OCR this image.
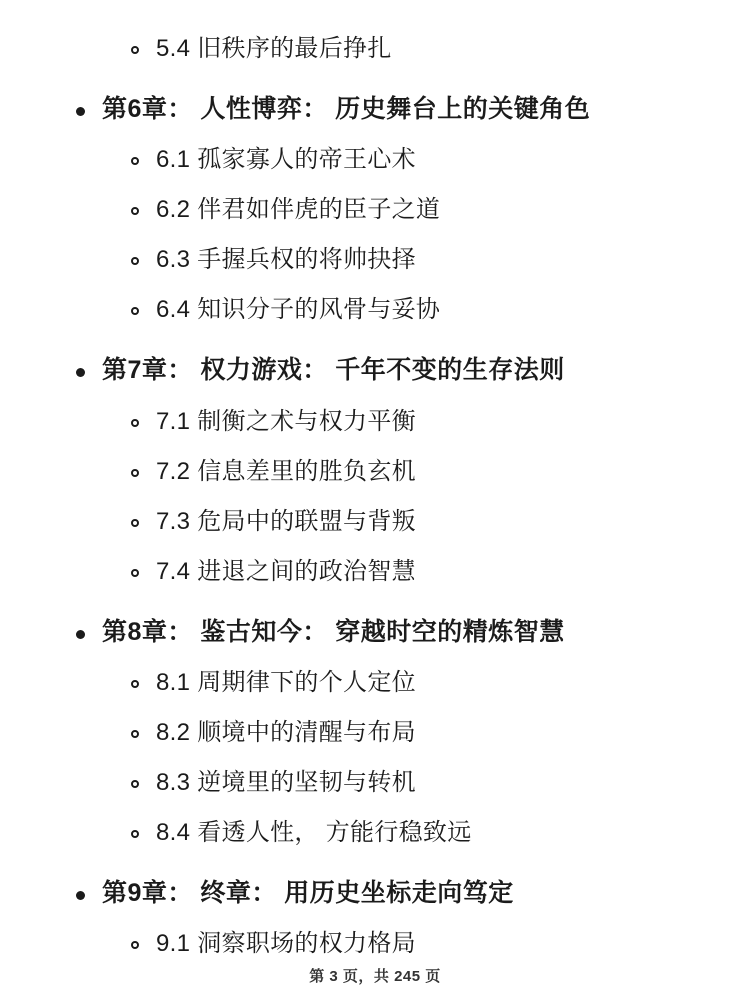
5.4 旧秩序的最后挣扎
第6章： 人性博弈： 历史舞台上的关键角色
6.1 孤家寡人的帝王心术
6.2 伴君如伴虎的臣子之道
6.3 手握兵权的将帅抉择
6.4 知识分子的风骨与妥协
第7章： 权力游戏： 千年不变的生存法则
7.1 制衡之术与权力平衡
7.2 信息差里的胜负玄机
7.3 危局中的联盟与背叛
7.4 进退之间的政治智慧
第8章： 鉴古知今： 穿越时空的精炼智慧
8.1 周期律下的个人定位
8.2 顺境中的清醒与布局
8.3 逆境里的坚韧与转机
8.4 看透人性， 方能行稳致远
第9章： 终章： 用历史坐标走向笃定
9.1 洞察职场的权力格局
第 3 页，共 245 页
